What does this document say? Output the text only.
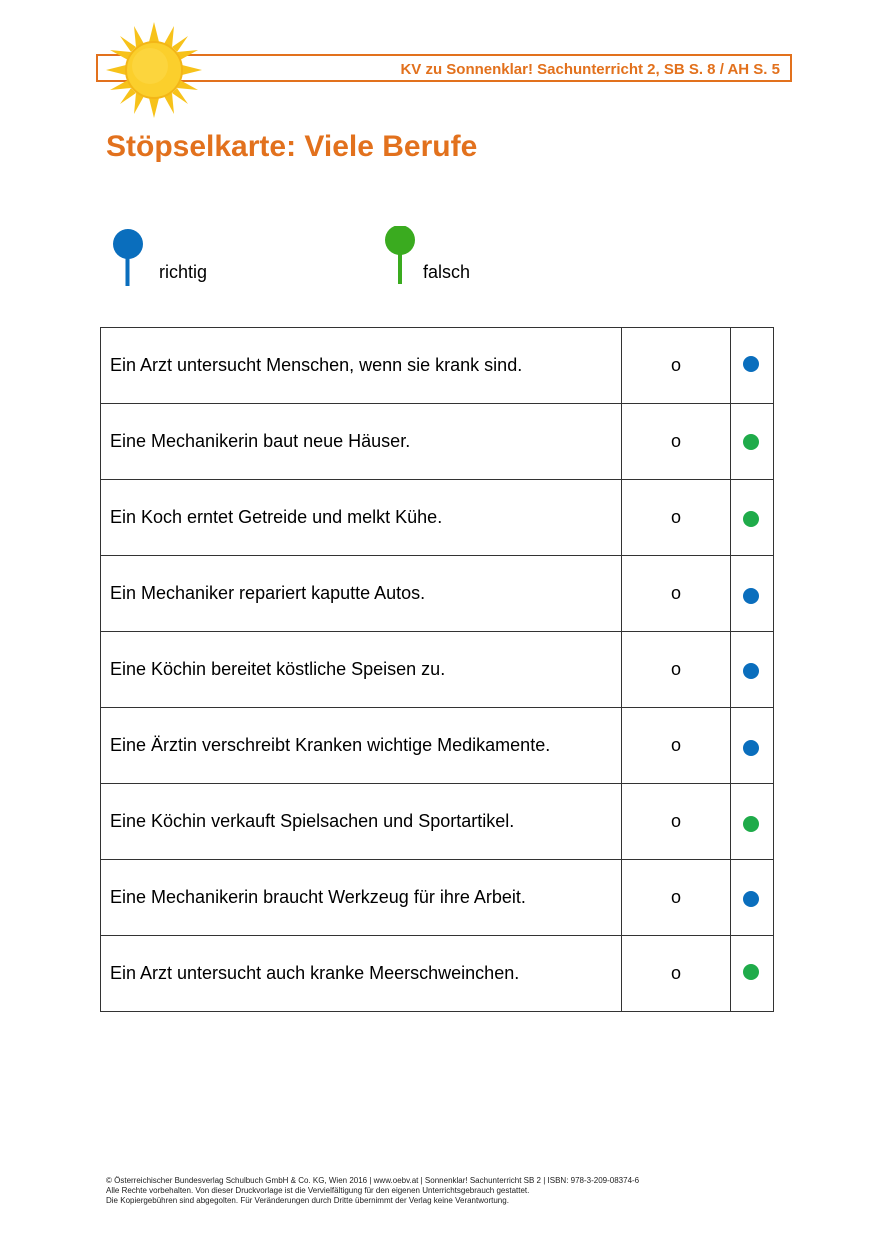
KV zu Sonnenklar! Sachunterricht 2, SB S. 8 / AH S. 5
Stöpselkarte: Viele Berufe
richtig	falsch
Ein Arzt untersucht Menschen, wenn sie krank sind.	o	

Eine Mechanikerin baut neue Häuser.	o	

Ein Koch erntet Getreide und melkt Kühe.	o	

Ein Mechaniker repariert kaputte Autos.	o	

Eine Köchin bereitet köstliche Speisen zu.	o	

Eine Ärztin verschreibt Kranken wichtige Medikamente.	o	

Eine Köchin verkauft Spielsachen und Sportartikel.	o	

Eine Mechanikerin braucht Werkzeug für ihre Arbeit.	o	

Ein Arzt untersucht auch kranke Meerschweinchen.	o	
© Österreichischer Bundesverlag Schulbuch GmbH & Co. KG, Wien 2016 | www.oebv.at | Sonnenklar! Sachunterricht SB 2 | ISBN: 978-3-209-08374-6
Alle Rechte vorbehalten. Von dieser Druckvorlage ist die Vervielfältigung für den eigenen Unterrichtsgebrauch gestattet.
Die Kopiergebühren sind abgegolten. Für Veränderungen durch Dritte übernimmt der Verlag keine Verantwortung.
